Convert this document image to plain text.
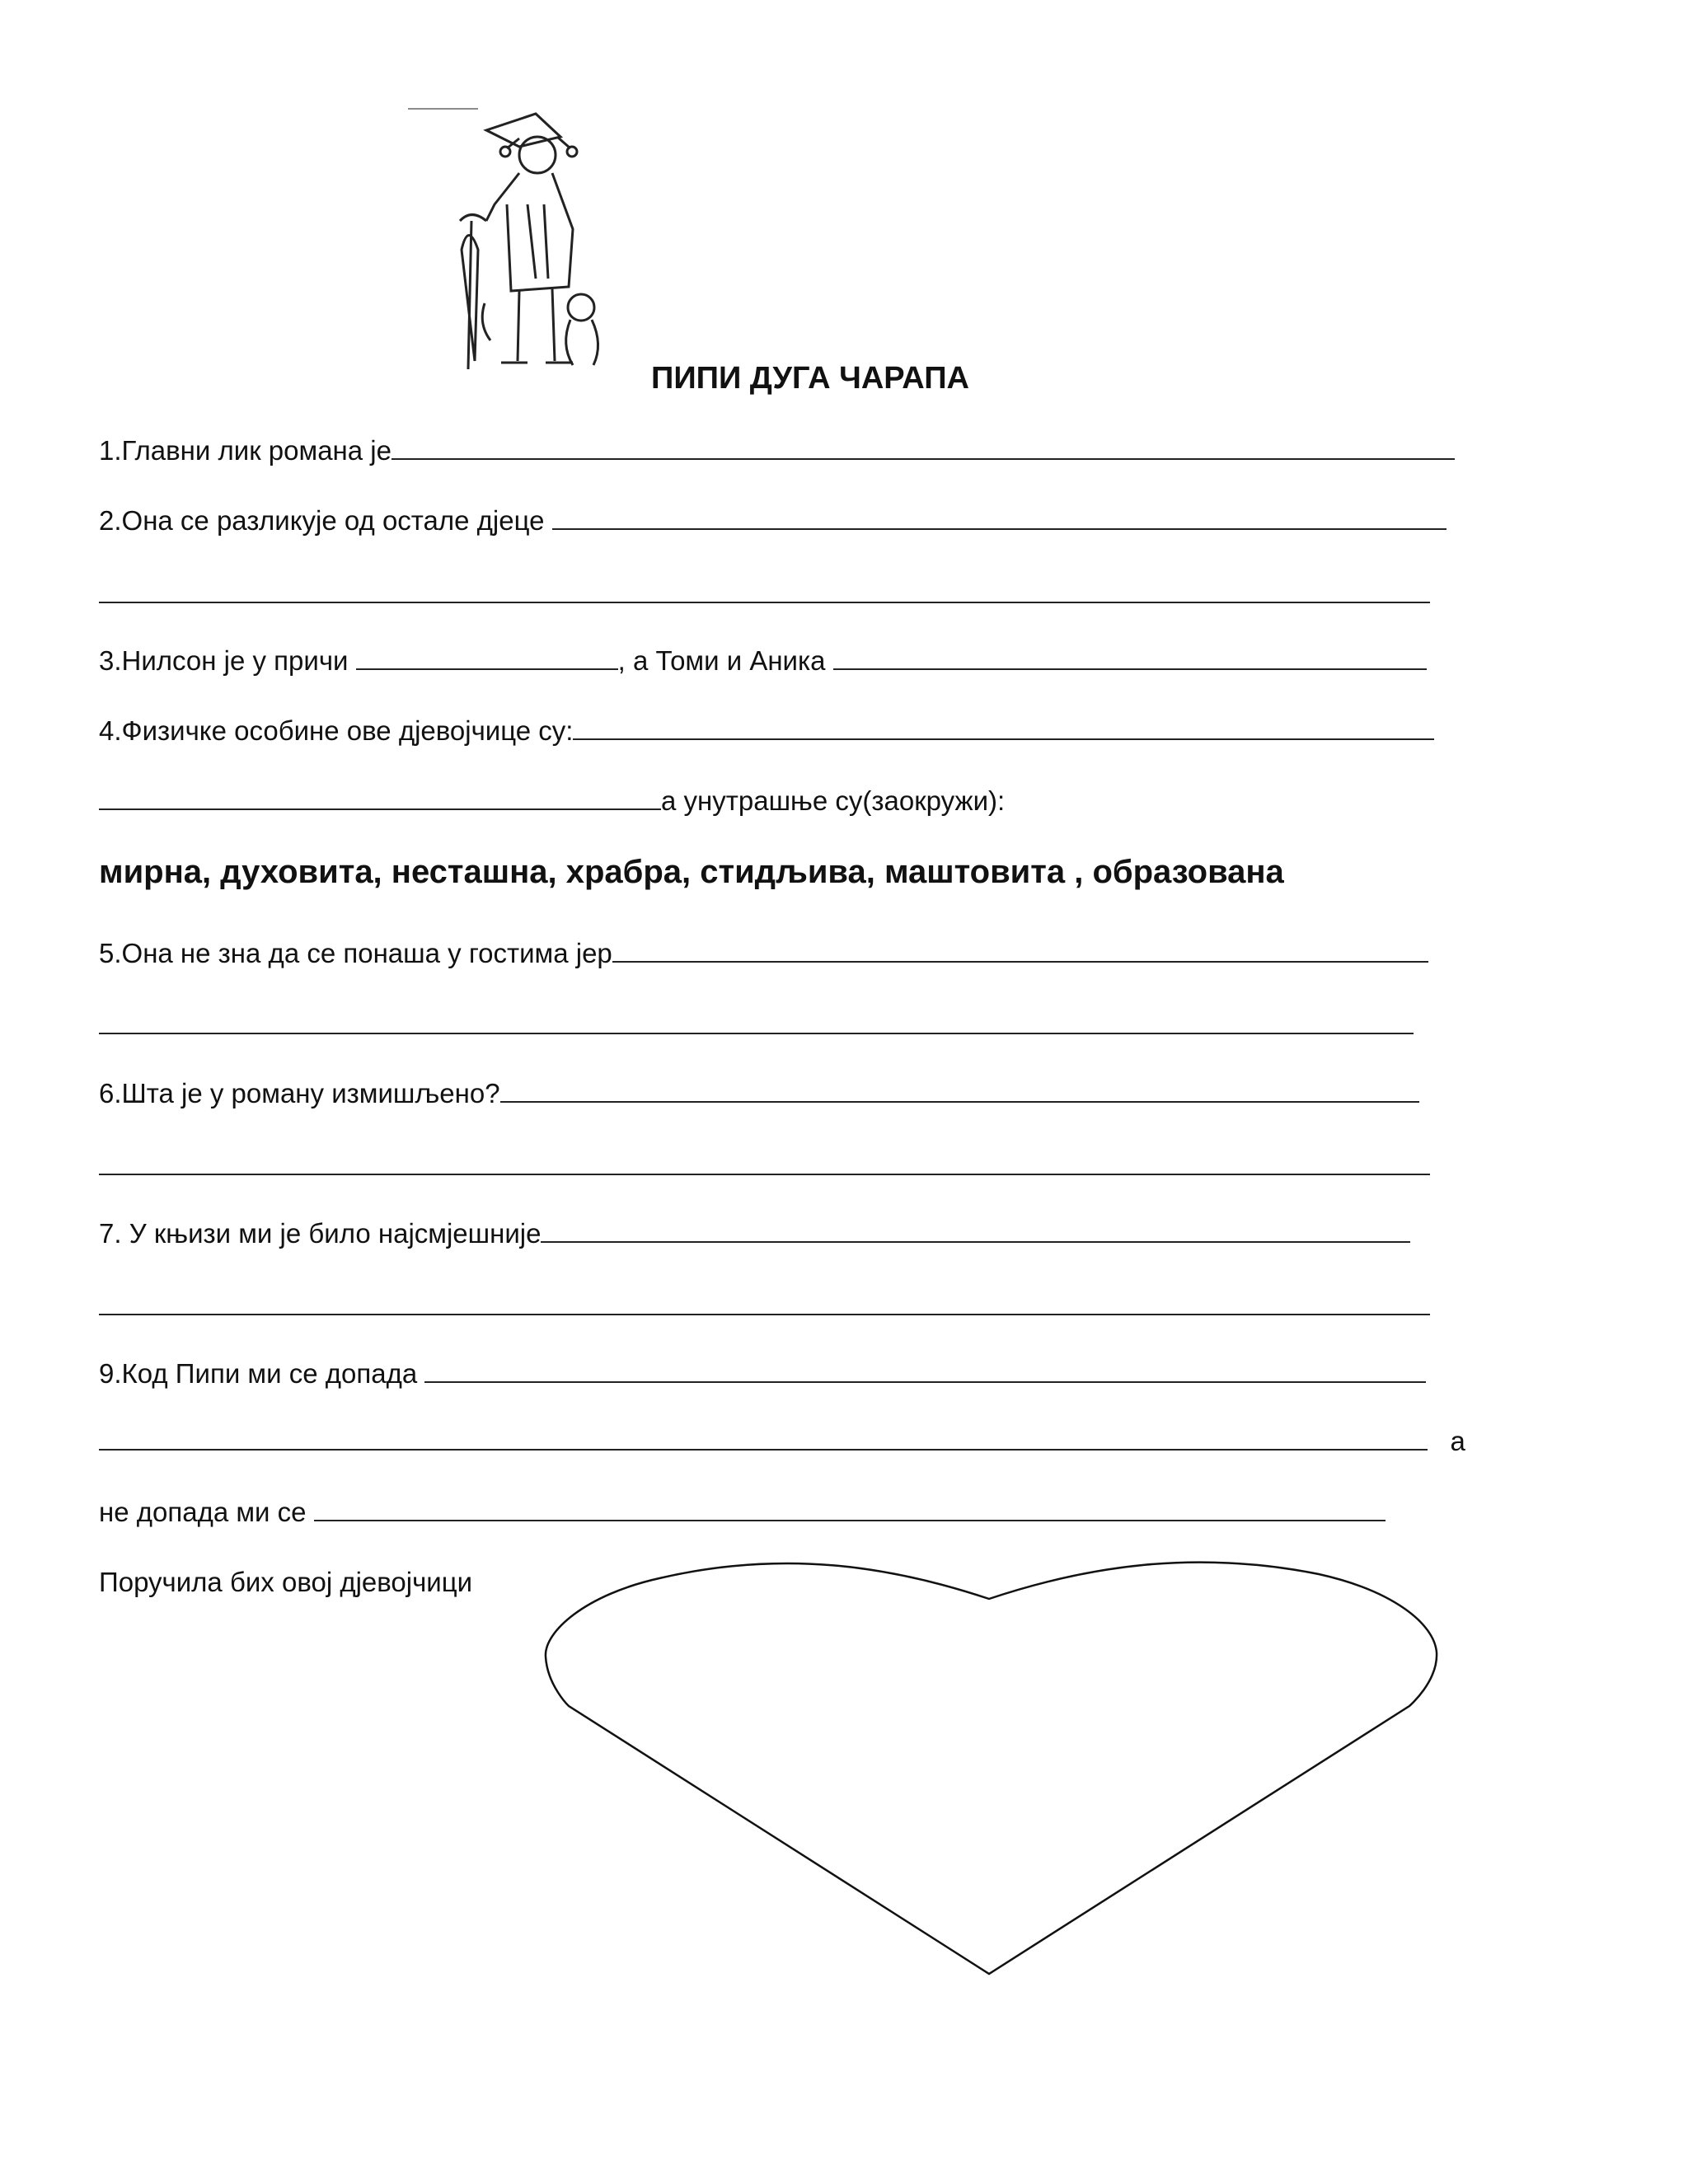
ПИПИ ДУГА ЧАРАПА
1.Главни лик романа је
2.Она се разликује од остале дјеце
3.Нилсон је у причи	, а Томи и Аника
4.Физичке особине ове дјевојчице су:
а унутрашње су(заокружи):
мирна, духовита, несташна, храбра, стидљива, маштовита , образована
5.Она не зна да се понаша у гостима јер
6.Шта је у роману измишљено?
7. У књизи ми је било најсмјешније
9.Код Пипи ми се допада
а
не допада ми се
Поручила бих овој дјевојчици
